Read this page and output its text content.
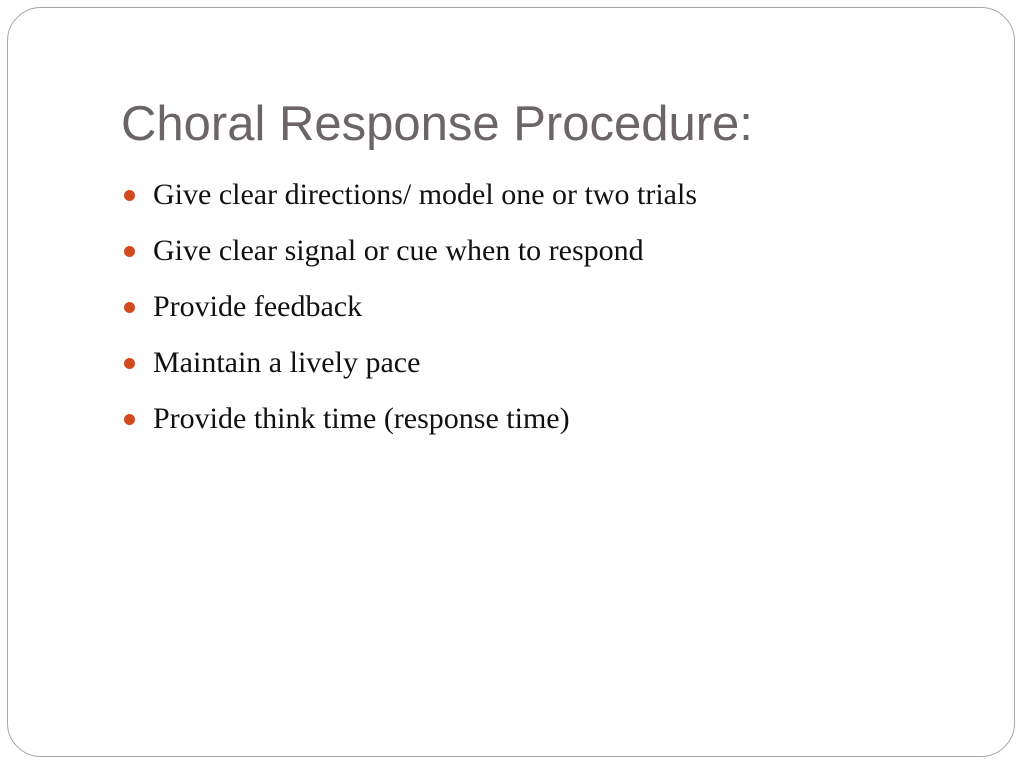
Choral Response Procedure:
Give clear directions/ model one or two trials
Give clear signal or cue when to respond
Provide feedback
Maintain a lively pace
Provide think time (response time)
